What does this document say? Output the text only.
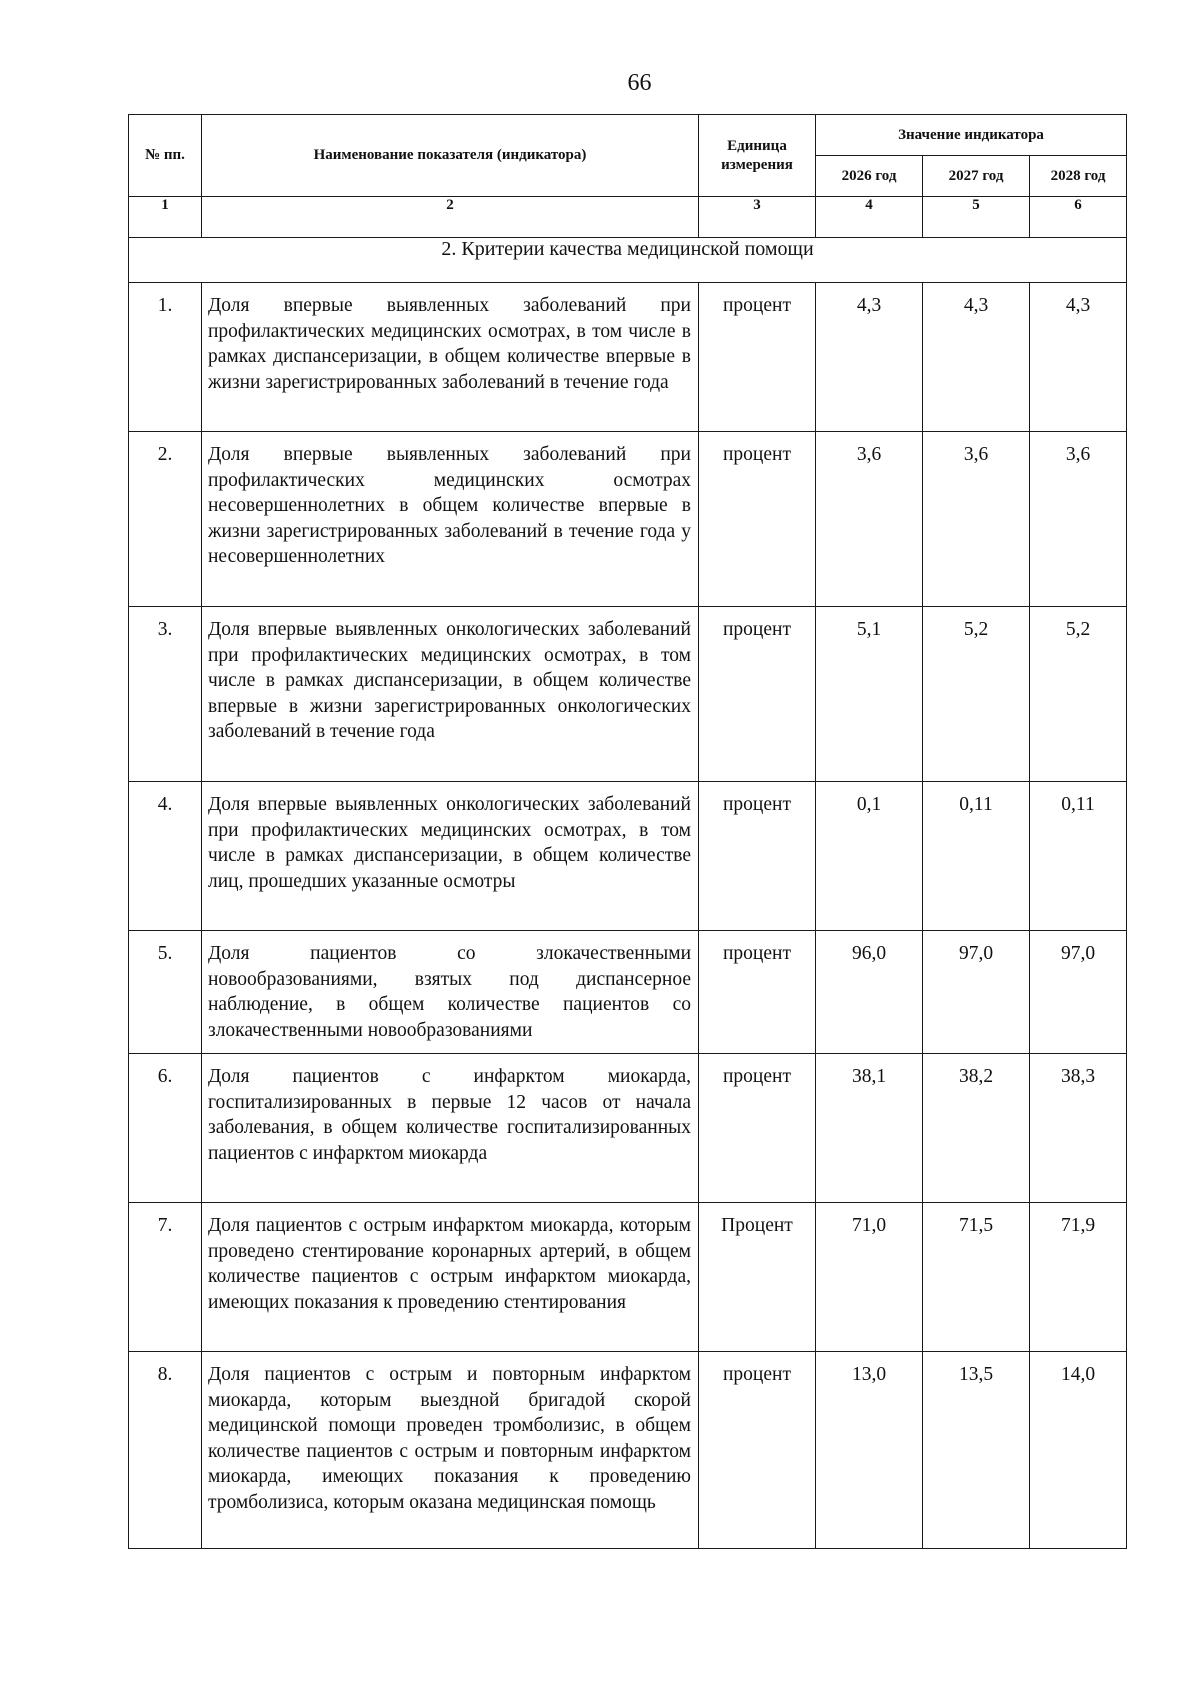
66
№ пп.	Наименование показателя (индикатора)	Единица измерения	Значение индикатора		
			2026 год	2027 год	2028 год
1	2	3	4	5	6
2. Критерии качества медицинской помощи					
1.	Доля впервые выявленных заболеваний при профилактических медицинских осмотрах, в том числе в рамках диспансеризации, в общем количестве впервые в жизни зарегистрированных заболеваний в течение года	процент	4,3	4,3	4,3
2.	Доля впервые выявленных заболеваний при профилактических медицинских осмотрах несовершеннолетних в общем количестве впервые в жизни зарегистрированных заболеваний в течение года у несовершеннолетних	процент	3,6	3,6	3,6
3.	Доля впервые выявленных онкологических заболеваний при профилактических медицинских осмотрах, в том числе в рамках диспансеризации, в общем количестве впервые в жизни зарегистрированных онкологических заболеваний в течение года	процент	5,1	5,2	5,2
4.	Доля впервые выявленных онкологических заболеваний при профилактических медицинских осмотрах, в том числе в рамках диспансеризации, в общем количестве лиц, прошедших указанные осмотры	процент	0,1	0,11	0,11
5.	Доля пациентов со злокачественными новообразованиями, взятых под диспансерное наблюдение, в общем количестве пациентов со злокачественными новообразованиями	процент	96,0	97,0	97,0
6.	Доля пациентов с инфарктом миокарда, госпитализированных в первые 12 часов от начала заболевания, в общем количестве госпитализированных пациентов с инфарктом миокарда	процент	38,1	38,2	38,3
7.	Доля пациентов с острым инфарктом миокарда, которым проведено стентирование коронарных артерий, в общем количестве пациентов с острым инфарктом миокарда, имеющих показания к проведению стентирования	Процент	71,0	71,5	71,9
8.	Доля пациентов с острым и повторным инфарктом миокарда, которым выездной бригадой скорой медицинской помощи проведен тромболизис, в общем количестве пациентов с острым и повторным инфарктом миокарда, имеющих показания к проведению тромболизиса, которым оказана медицинская помощь	процент	13,0	13,5	14,0
